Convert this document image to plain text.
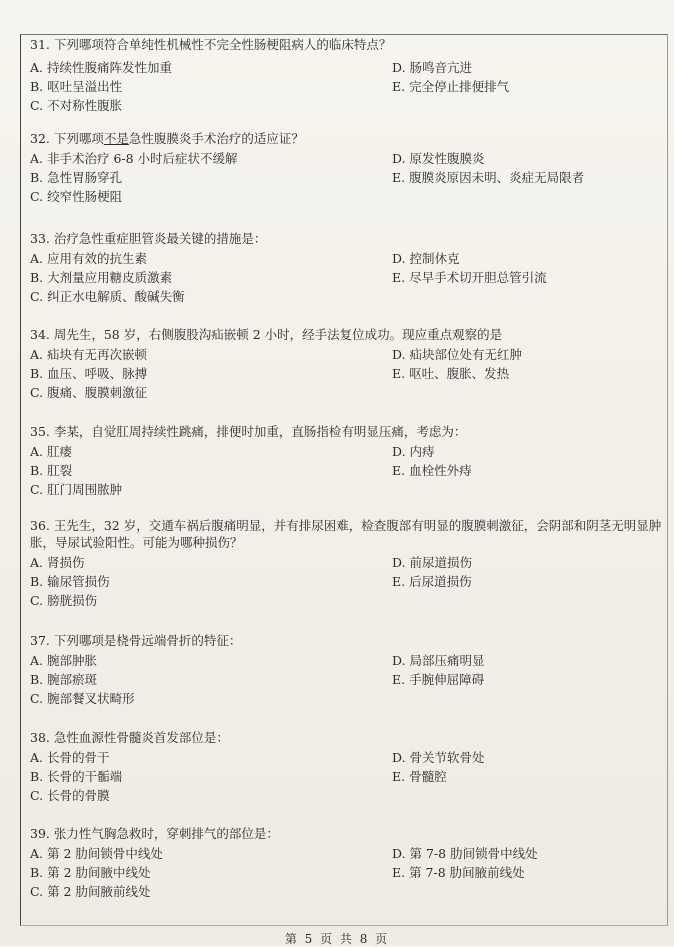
31. 下列哪项符合单纯性机械性不完全性肠梗阻病人的临床特点？
A. 持续性腹痛阵发性加重	D. 肠鸣音亢进
B. 呕吐呈溢出性	E. 完全停止排便排气
C. 不对称性腹胀
32. 下列哪项不是急性腹膜炎手术治疗的适应证？
A. 非手术治疗 6-8 小时后症状不缓解	D. 原发性腹膜炎
B. 急性胃肠穿孔	E. 腹膜炎原因未明、炎症无局限者
C. 绞窄性肠梗阻
33. 治疗急性重症胆管炎最关键的措施是：
A. 应用有效的抗生素	D. 控制休克
B. 大剂量应用糖皮质激素	E. 尽早手术切开胆总管引流
C. 纠正水电解质、酸碱失衡
34. 周先生，58 岁，右侧腹股沟疝嵌顿 2 小时，经手法复位成功。现应重点观察的是
A. 疝块有无再次嵌顿	D. 疝块部位处有无红肿
B. 血压、呼吸、脉搏	E. 呕吐、腹胀、发热
C. 腹痛、腹膜刺激征
35. 李某，自觉肛周持续性跳痛，排便时加重，直肠指检有明显压痛，考虑为：
A. 肛瘘	D. 内痔
B. 肛裂	E. 血栓性外痔
C. 肛门周围脓肿
36. 王先生，32 岁，交通车祸后腹痛明显，并有排尿困难，检查腹部有明显的腹膜刺激征，会阴部和阴茎无明显肿胀，导尿试验阳性。可能为哪种损伤？
A. 肾损伤	D. 前尿道损伤
B. 输尿管损伤	E. 后尿道损伤
C. 膀胱损伤
37. 下列哪项是桡骨远端骨折的特征：
A. 腕部肿胀	D. 局部压痛明显
B. 腕部瘀斑	E. 手腕伸屈障碍
C. 腕部餐叉状畸形
38. 急性血源性骨髓炎首发部位是：
A. 长骨的骨干	D. 骨关节软骨处
B. 长骨的干骺端	E. 骨髓腔
C. 长骨的骨膜
39. 张力性气胸急救时，穿刺排气的部位是：
A. 第 2 肋间锁骨中线处	D. 第 7-8 肋间锁骨中线处
B. 第 2 肋间腋中线处	E. 第 7-8 肋间腋前线处
C. 第 2 肋间腋前线处
第 5 页 共 8 页
